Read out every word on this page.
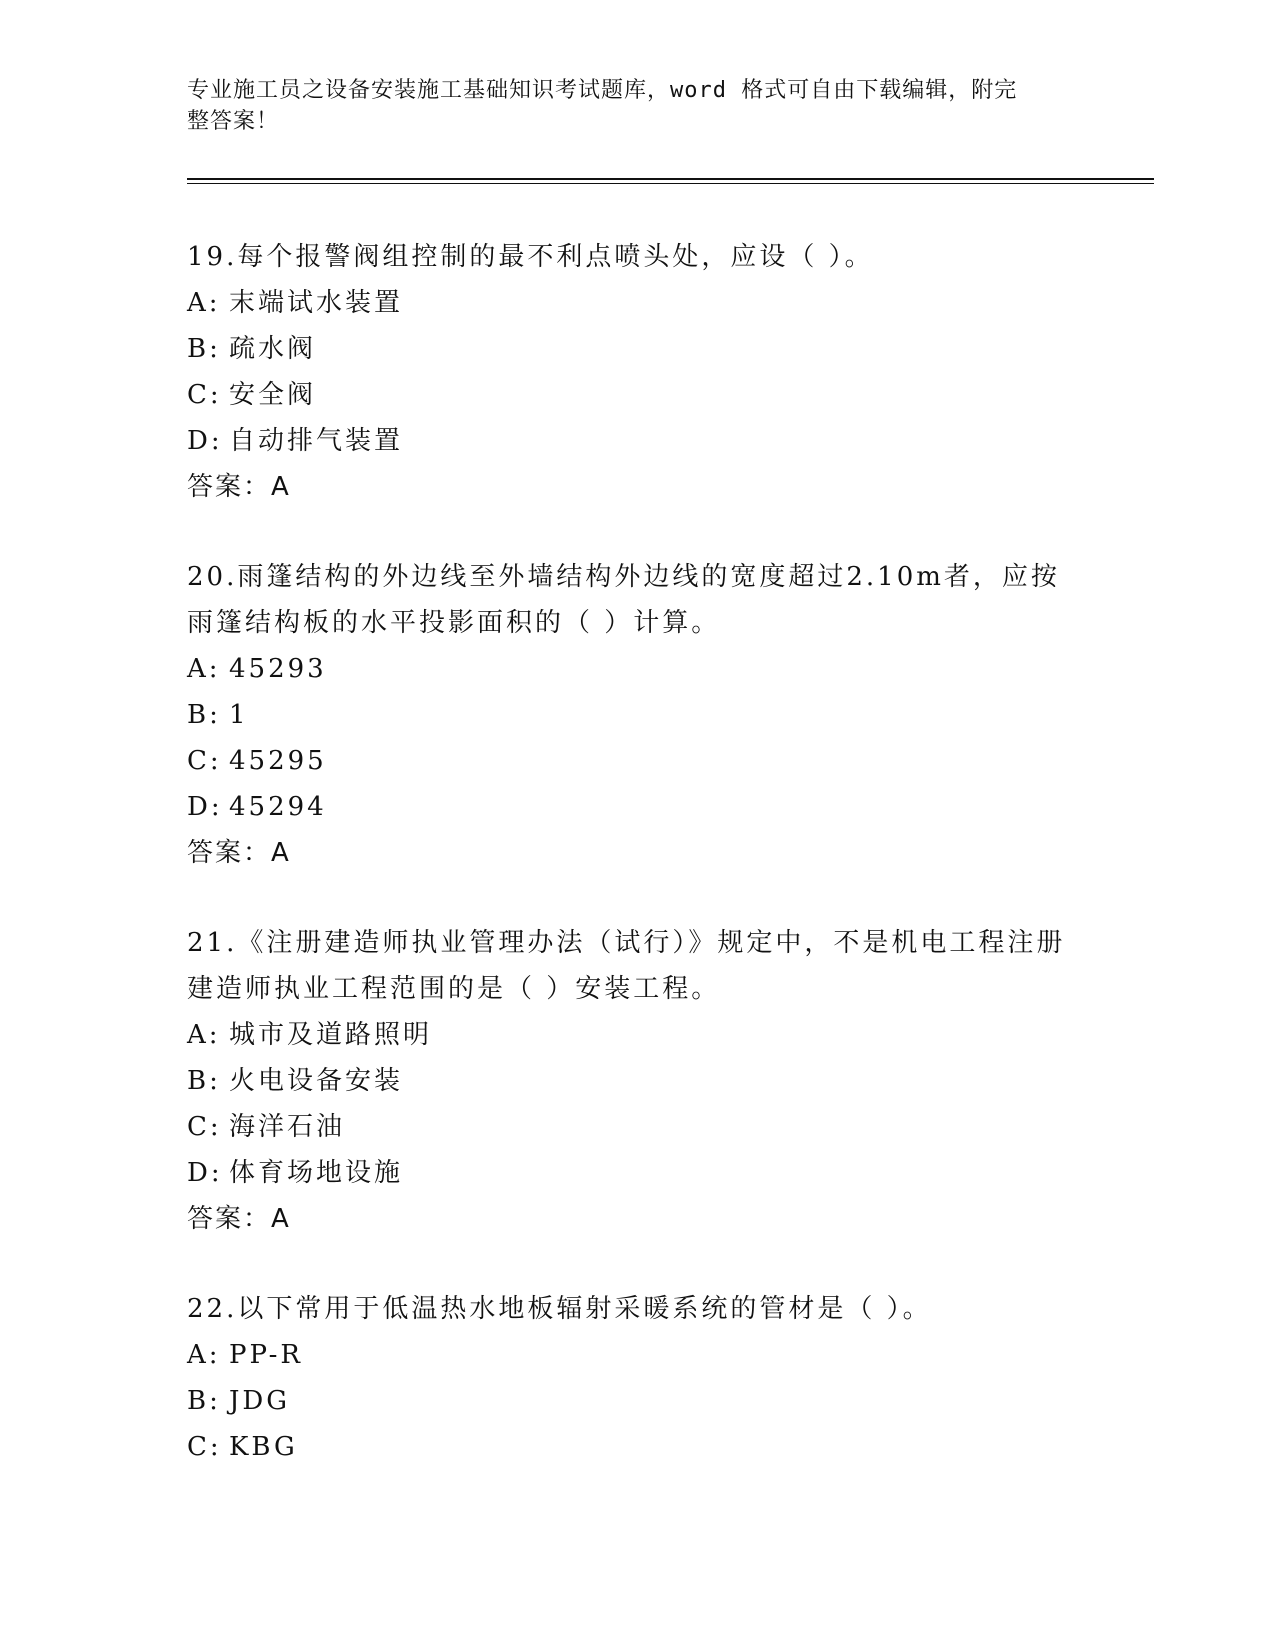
专业施工员之设备安装施工基础知识考试题库，word 格式可自由下载编辑，附完
整答案！
19.每个报警阀组控制的最不利点喷头处，应设（ ）。
A: 末端试水装置
B: 疏水阀
C: 安全阀
D: 自动排气装置
答案：A
20.雨篷结构的外边线至外墙结构外边线的宽度超过2.10m者，应按雨篷结构板的水平投影面积的（ ）计算。
A: 45293
B: 1
C: 45295
D: 45294
答案：A
21.《注册建造师执业管理办法（试行）》规定中，不是机电工程注册建造师执业工程范围的是（ ）安装工程。
A: 城市及道路照明
B: 火电设备安装
C: 海洋石油
D: 体育场地设施
答案：A
22.以下常用于低温热水地板辐射采暖系统的管材是（ ）。
A: PP-R
B: JDG
C: KBG
